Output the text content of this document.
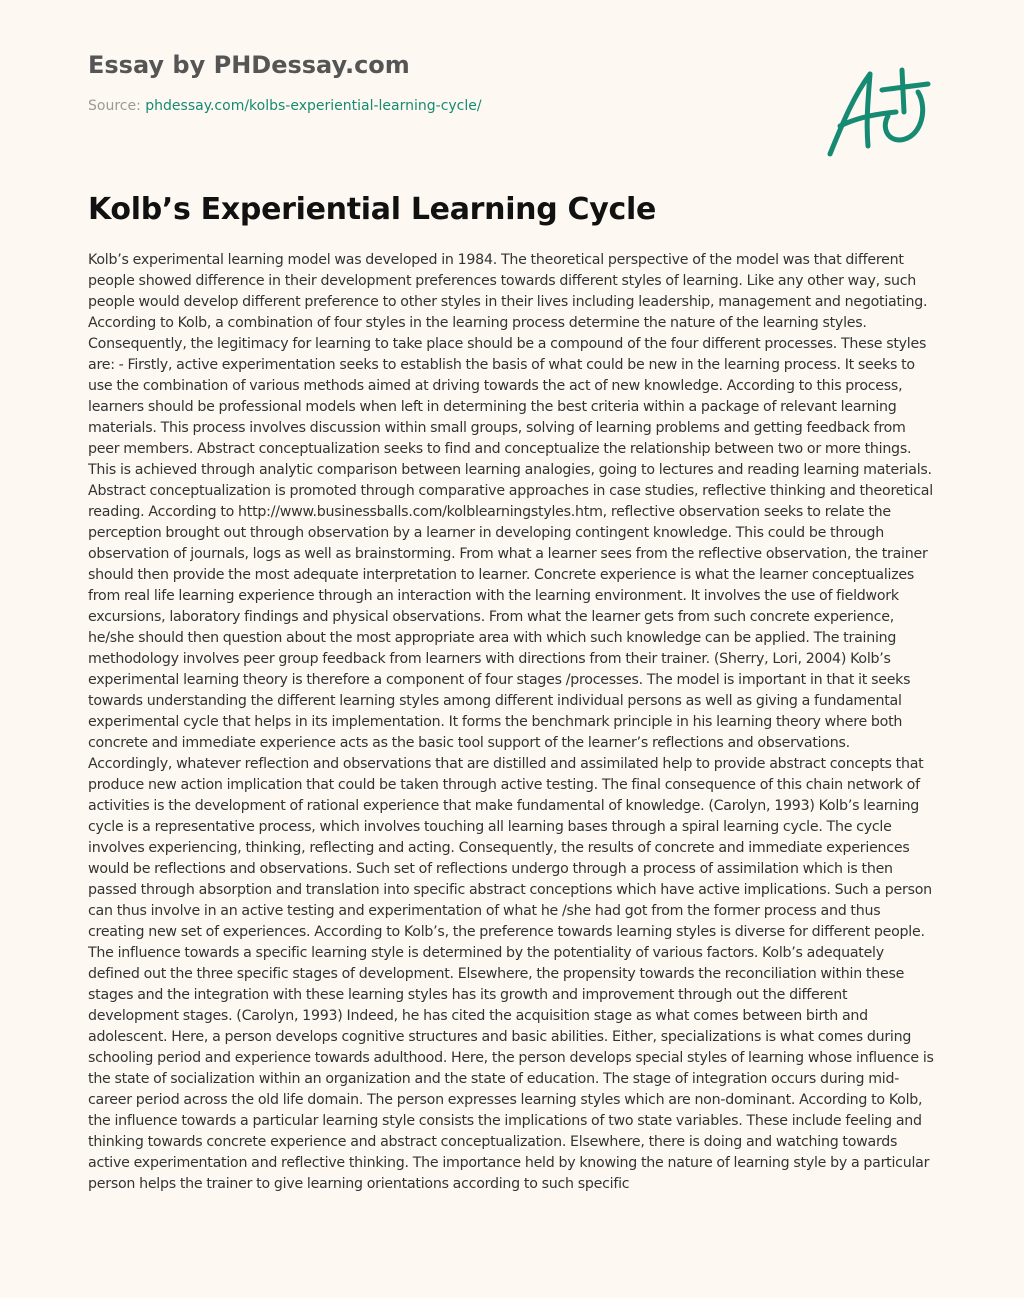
Essay by PHDessay.com
Source: phdessay.com/kolbs-experiential-learning-cycle/
Kolb’s Experiential Learning Cycle

Kolb’s experimental learning model was developed in 1984. The theoretical perspective of the model was that different people showed difference in their development preferences towards different styles of learning. Like any other way, such people would develop different preference to other styles in their lives including leadership, management and negotiating. According to Kolb, a combination of four styles in the learning process determine the nature of the learning styles. Consequently, the legitimacy for learning to take place should be a compound of the four different processes. These styles are: - Firstly, active experimentation seeks to establish the basis of what could be new in the learning process. It seeks to use the combination of various methods aimed at driving towards the act of new knowledge. According to this process, learners should be professional models when left in determining the best criteria within a package of relevant learning materials. This process involves discussion within small groups, solving of learning problems and getting feedback from peer members. Abstract conceptualization seeks to find and conceptualize the relationship between two or more things. This is achieved through analytic comparison between learning analogies, going to lectures and reading learning materials. Abstract conceptualization is promoted through comparative approaches in case studies, reflective thinking and theoretical reading. According to http://www.businessballs.com/kolblearningstyles.htm, reflective observation seeks to relate the perception brought out through observation by a learner in developing contingent knowledge. This could be through observation of journals, logs as well as brainstorming. From what a learner sees from the reflective observation, the trainer should then provide the most adequate interpretation to learner. Concrete experience is what the learner conceptualizes from real life learning experience through an interaction with the learning environment. It involves the use of fieldwork excursions, laboratory findings and physical observations. From what the learner gets from such concrete experience, he/she should then question about the most appropriate area with which such knowledge can be applied. The training methodology involves peer group feedback from learners with directions from their trainer. (Sherry, Lori, 2004) Kolb’s experimental learning theory is therefore a component of four stages /processes. The model is important in that it seeks towards understanding the different learning styles among different individual persons as well as giving a fundamental experimental cycle that helps in its implementation. It forms the benchmark principle in his learning theory where both concrete and immediate experience acts as the basic tool support of the learner’s reflections and observations. Accordingly, whatever reflection and observations that are distilled and assimilated help to provide abstract concepts that produce new action implication that could be taken through active testing. The final consequence of this chain network of activities is the development of rational experience that make fundamental of knowledge. (Carolyn, 1993) Kolb’s learning cycle is a representative process, which involves touching all learning bases through a spiral learning cycle. The cycle involves experiencing, thinking, reflecting and acting. Consequently, the results of concrete and immediate experiences would be reflections and observations. Such set of reflections undergo through a process of assimilation which is then passed through absorption and translation into specific abstract conceptions which have active implications. Such a person can thus involve in an active testing and experimentation of what he /she had got from the former process and thus creating new set of experiences. According to Kolb’s, the preference towards learning styles is diverse for different people. The influence towards a specific learning style is determined by the potentiality of various factors. Kolb’s adequately defined out the three specific stages of development. Elsewhere, the propensity towards the reconciliation within these stages and the integration with these learning styles has its growth and improvement through out the different development stages. (Carolyn, 1993) Indeed, he has cited the acquisition stage as what comes between birth and adolescent. Here, a person develops cognitive structures and basic abilities. Either, specializations is what comes during schooling period and experience towards adulthood. Here, the person develops special styles of learning whose influence is the state of socialization within an organization and the state of education. The stage of integration occurs during mid-career period across the old life domain. The person expresses learning styles which are non-dominant. According to Kolb, the influence towards a particular learning style consists the implications of two state variables. These include feeling and thinking towards concrete experience and abstract conceptualization. Elsewhere, there is doing and watching towards active experimentation and reflective thinking. The importance held by knowing the nature of learning style by a particular person helps the trainer to give learning orientations according to such specific
